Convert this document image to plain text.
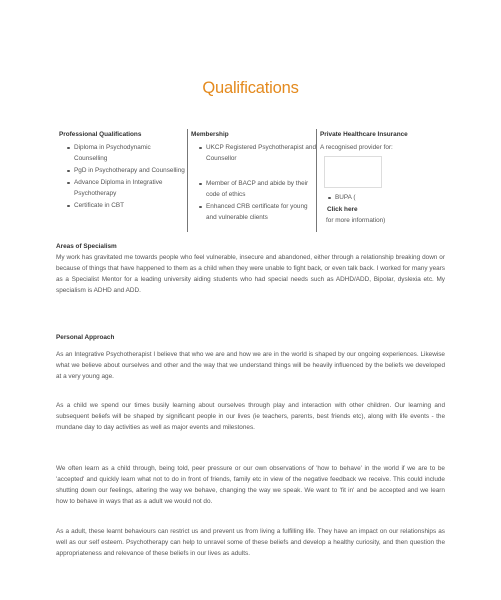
Qualifications
Professional Qualifications
Diploma in Psychodynamic Counselling
PgD in Psychotherapy and Counselling
Advance Diploma in Integrative Psychotherapy
Certificate in CBT
Membership
UKCP Registered Psychotherapist and Counsellor
Member of BACP and abide by their code of ethics
Enhanced CRB certificate for young and vulnerable clients
Private Healthcare Insurance

A recognised provider for:

BUPA (
Click here
for more information)
Areas of Specialism

My work has gravitated me towards people who feel vulnerable, insecure and abandoned, either through a relationship breaking down or because of things that have happened to them as a child when they were unable to fight back, or even talk back. I worked for many years as a Specialist Mentor for a leading university aiding students who had special needs such as ADHD/ADD, Bipolar, dyslexia etc. My specialism is ADHD and ADD.

Personal Approach

As an Integrative Psychotherapist I believe that who we are and how we are in the world is shaped by our ongoing experiences. Likewise what we believe about ourselves and other and the way that we understand things will be heavily influenced by the beliefs we developed at a very young age.

As a child we spend our times busily learning about ourselves through play and interaction with other children. Our learning and subsequent beliefs will be shaped by significant people in our lives (ie teachers, parents, best friends etc), along with life events - the mundane day to day activities as well as major events and milestones.

We often learn as a child through, being told, peer pressure or our own observations of 'how to behave' in the world if we are to be 'accepted' and quickly learn what not to do in front of friends, family etc in view of the negative feedback we receive. This could include shutting down our feelings, altering the way we behave, changing the way we speak. We want to 'fit in' and be accepted and we learn how to behave in ways that as a adult we would not do.

As a adult, these learnt behaviours can restrict us and prevent us from living a fulfilling life. They have an impact on our relationships as well as our self esteem. Psychotherapy can help to unravel some of these beliefs and develop a healthy curiosity, and then question the appropriateness and relevance of these beliefs in our lives as adults.
